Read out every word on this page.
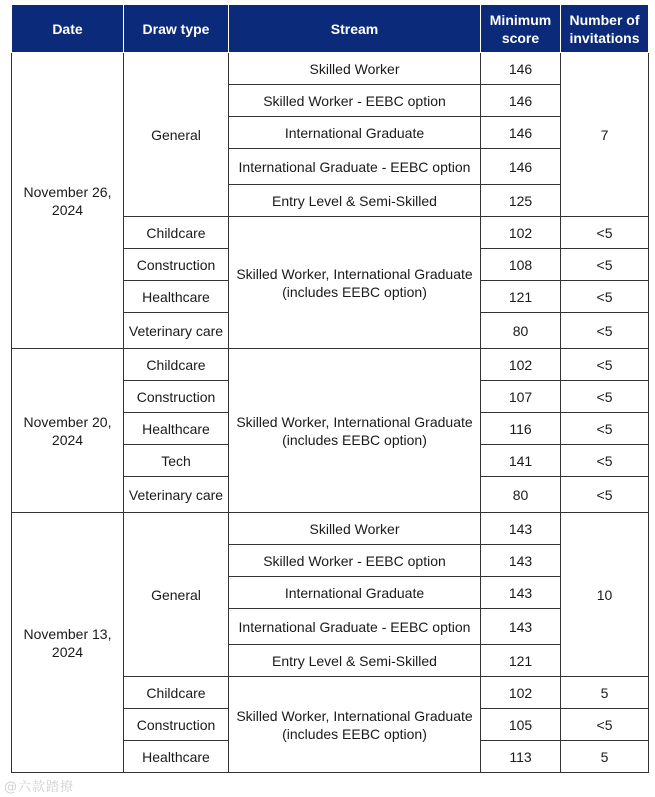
Date	Draw type	Stream	Minimum score	Number of invitations
November 26, 2024	General	Skilled Worker	146	7
		Skilled Worker - EEBC option	146	
		International Graduate	146	
		International Graduate - EEBC option	146	
		Entry Level & Semi-Skilled	125	
	Childcare	Skilled Worker, International Graduate (includes EEBC option)	102	<5
	Construction		108	<5
	Healthcare		121	<5
	Veterinary care		80	<5
November 20, 2024	Childcare	Skilled Worker, International Graduate (includes EEBC option)	102	<5
	Construction		107	<5
	Healthcare		116	<5
	Tech		141	<5
	Veterinary care		80	<5
November 13, 2024	General	Skilled Worker	143	10
		Skilled Worker - EEBC option	143	
		International Graduate	143	
		International Graduate - EEBC option	143	
		Entry Level & Semi-Skilled	121	
	Childcare	Skilled Worker, International Graduate (includes EEBC option)	102	5
	Construction		105	<5
	Healthcare		113	5
@六款踏撩
